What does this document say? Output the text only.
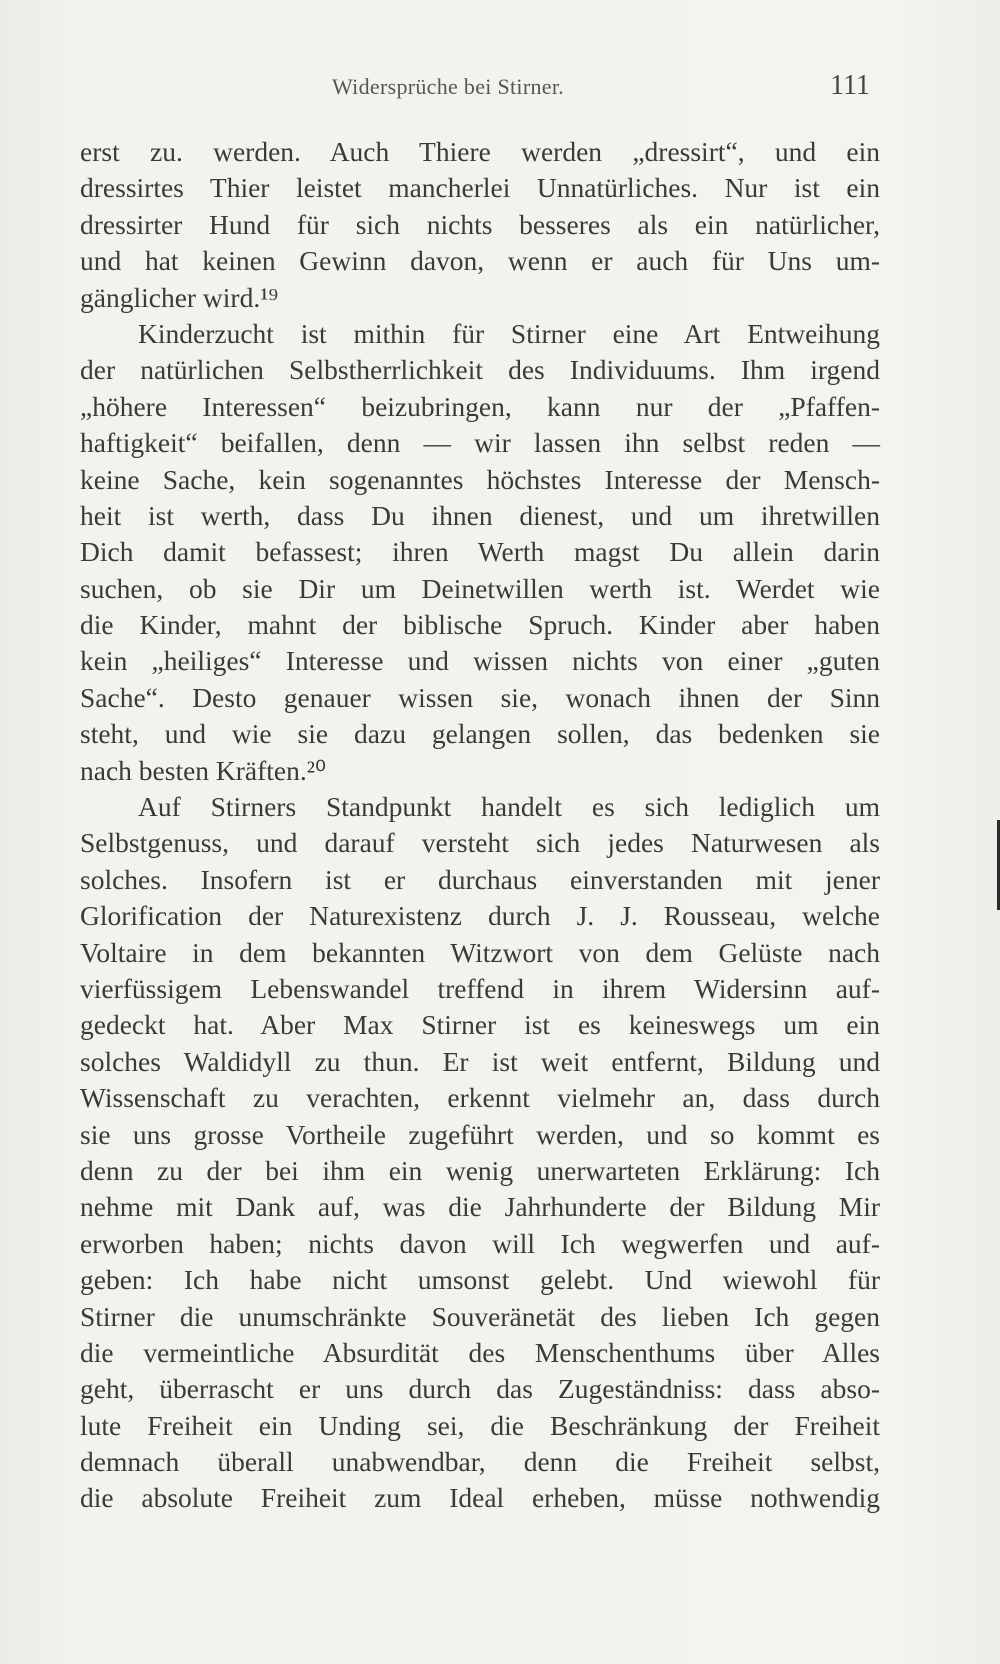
Widersprüche bei Stirner.	111
erst zu. werden. Auch Thiere werden „dressirt“, und ein
dressirtes Thier leistet mancherlei Unnatürliches. Nur ist ein
dressirter Hund für sich nichts besseres als ein natürlicher,
und hat keinen Gewinn davon, wenn er auch für Uns um-
gänglicher wird.¹⁹
Kinderzucht ist mithin für Stirner eine Art Entweihung
der natürlichen Selbstherrlichkeit des Individuums. Ihm irgend
„höhere Interessen“ beizubringen, kann nur der „Pfaffen-
haftigkeit“ beifallen, denn — wir lassen ihn selbst reden —
keine Sache, kein sogenanntes höchstes Interesse der Mensch-
heit ist werth, dass Du ihnen dienest, und um ihretwillen
Dich damit befassest; ihren Werth magst Du allein darin
suchen, ob sie Dir um Deinetwillen werth ist. Werdet wie
die Kinder, mahnt der biblische Spruch. Kinder aber haben
kein „heiliges“ Interesse und wissen nichts von einer „guten
Sache“. Desto genauer wissen sie, wonach ihnen der Sinn
steht, und wie sie dazu gelangen sollen, das bedenken sie
nach besten Kräften.²⁰
Auf Stirners Standpunkt handelt es sich lediglich um
Selbstgenuss, und darauf versteht sich jedes Naturwesen als
solches. Insofern ist er durchaus einverstanden mit jener
Glorification der Naturexistenz durch J. J. Rousseau, welche
Voltaire in dem bekannten Witzwort von dem Gelüste nach
vierfüssigem Lebenswandel treffend in ihrem Widersinn auf-
gedeckt hat. Aber Max Stirner ist es keineswegs um ein
solches Waldidyll zu thun. Er ist weit entfernt, Bildung und
Wissenschaft zu verachten, erkennt vielmehr an, dass durch
sie uns grosse Vortheile zugeführt werden, und so kommt es
denn zu der bei ihm ein wenig unerwarteten Erklärung: Ich
nehme mit Dank auf, was die Jahrhunderte der Bildung Mir
erworben haben; nichts davon will Ich wegwerfen und auf-
geben: Ich habe nicht umsonst gelebt. Und wiewohl für
Stirner die unumschränkte Souveränetät des lieben Ich gegen
die vermeintliche Absurdität des Menschenthums über Alles
geht, überrascht er uns durch das Zugeständniss: dass abso-
lute Freiheit ein Unding sei, die Beschränkung der Freiheit
demnach überall unabwendbar, denn die Freiheit selbst,
die absolute Freiheit zum Ideal erheben, müsse nothwendig
